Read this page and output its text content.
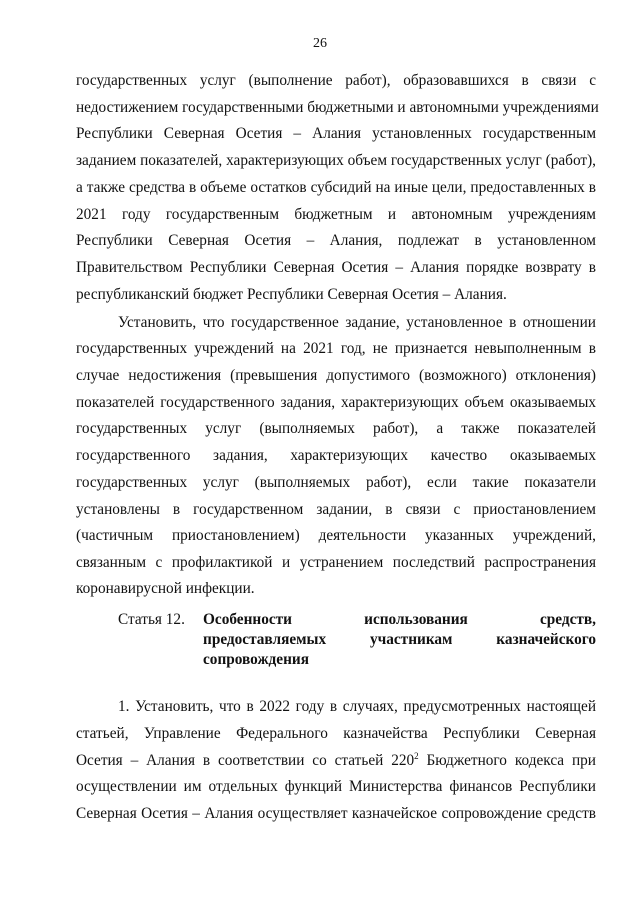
26
государственных услуг (выполнение работ), образовавшихся в связи с
недостижением государственными бюджетными и автономными учреждениями
Республики Северная Осетия – Алания установленных государственным
заданием показателей, характеризующих объем государственных услуг (работ),
а также средства в объеме остатков субсидий на иные цели, предоставленных в
2021 году государственным бюджетным и автономным учреждениям
Республики Северная Осетия – Алания, подлежат в установленном
Правительством Республики Северная Осетия – Алания порядке возврату в
республиканский бюджет Республики Северная Осетия – Алания.
Установить, что государственное задание, установленное в отношении
государственных учреждений на 2021 год, не признается невыполненным в
случае недостижения (превышения допустимого (возможного) отклонения)
показателей государственного задания, характеризующих объем оказываемых
государственных услуг (выполняемых работ), а также показателей
государственного задания, характеризующих качество оказываемых
государственных услуг (выполняемых работ), если такие показатели
установлены в государственном задании, в связи с приостановлением
(частичным приостановлением) деятельности указанных учреждений,
связанным с профилактикой и устранением последствий распространения
коронавирусной инфекции.
Статья 12. Особенности использования средств,
предоставляемых участникам казначейского
сопровождения
1. Установить, что в 2022 году в случаях, предусмотренных настоящей
статьей, Управление Федерального казначейства Республики Северная
Осетия – Алания в соответствии со статьей $220^2$ Бюджетного кодекса при
осуществлении им отдельных функций Министерства финансов Республики
Северная Осетия – Алания осуществляет казначейское сопровождение средств
